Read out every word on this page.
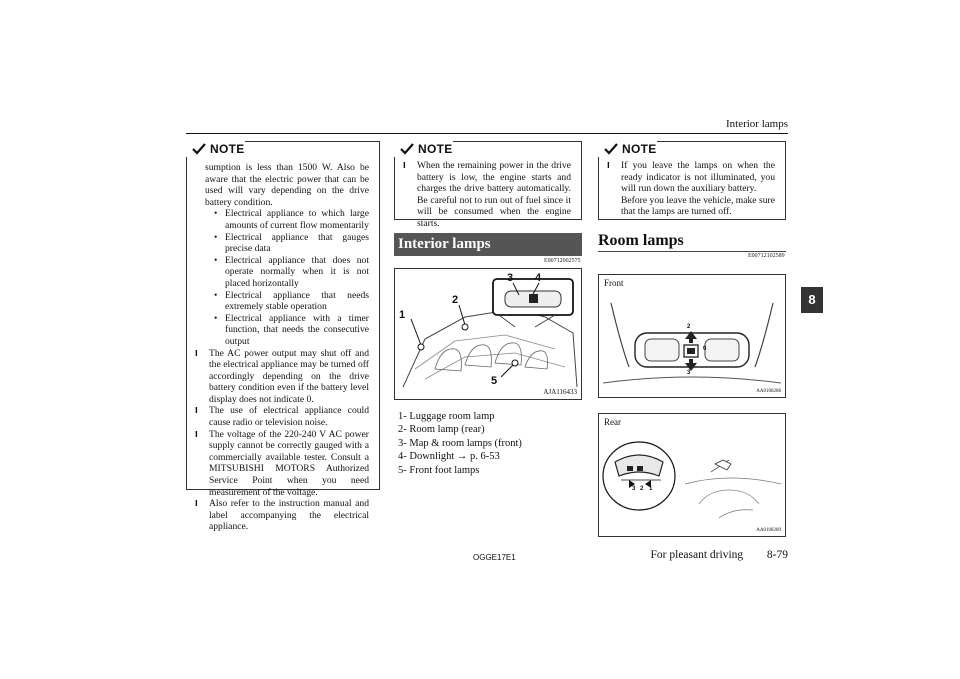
Interior lamps
NOTE

sumption is less than 1500 W. Also be aware that the electric power that can be used will vary depending on the drive battery condition.

• Electrical appliance to which large amounts of current flow momentarily

• Electrical appliance that gauges precise data

• Electrical appliance that does not operate normally when it is not placed horizontally

• Electrical appliance that needs extremely stable operation

• Electrical appliance with a timer function, that needs the consecutive output

l The AC power output may shut off and the electrical appliance may be turned off accordingly depending on the drive battery condition even if the battery level display does not indicate 0.

l The use of electrical appliance could cause radio or television noise.

l The voltage of the 220-240 V AC power supply cannot be correctly gauged with a commercially available tester. Consult a MITSUBISHI MOTORS Authorized Service Point when you need measurement of the voltage.

l Also refer to the instruction manual and label accompanying the electrical appliance.

NOTE

l When the remaining power in the drive battery is low, the engine starts and charges the drive battery automatically. Be careful not to run out of fuel since it will be consumed when the engine starts.

Interior lamps
E00712002575
1
2
3 4
5
AJA116433
1- Luggage room lamp
2- Room lamp (rear)
3- Map & room lamps (front)
4- Downlight → p. 6-53
5- Front foot lamps
NOTE

l If you leave the lamps on when the ready indicator is not illuminated, you will run down the auxiliary battery.

Before you leave the vehicle, make sure that the lamps are turned off.

Room lamps
E00712102589
Front
2
0
3
AA0108288
Rear
3 2 1
AA0108289
8
OGGE17E1	For pleasant driving 8-79
